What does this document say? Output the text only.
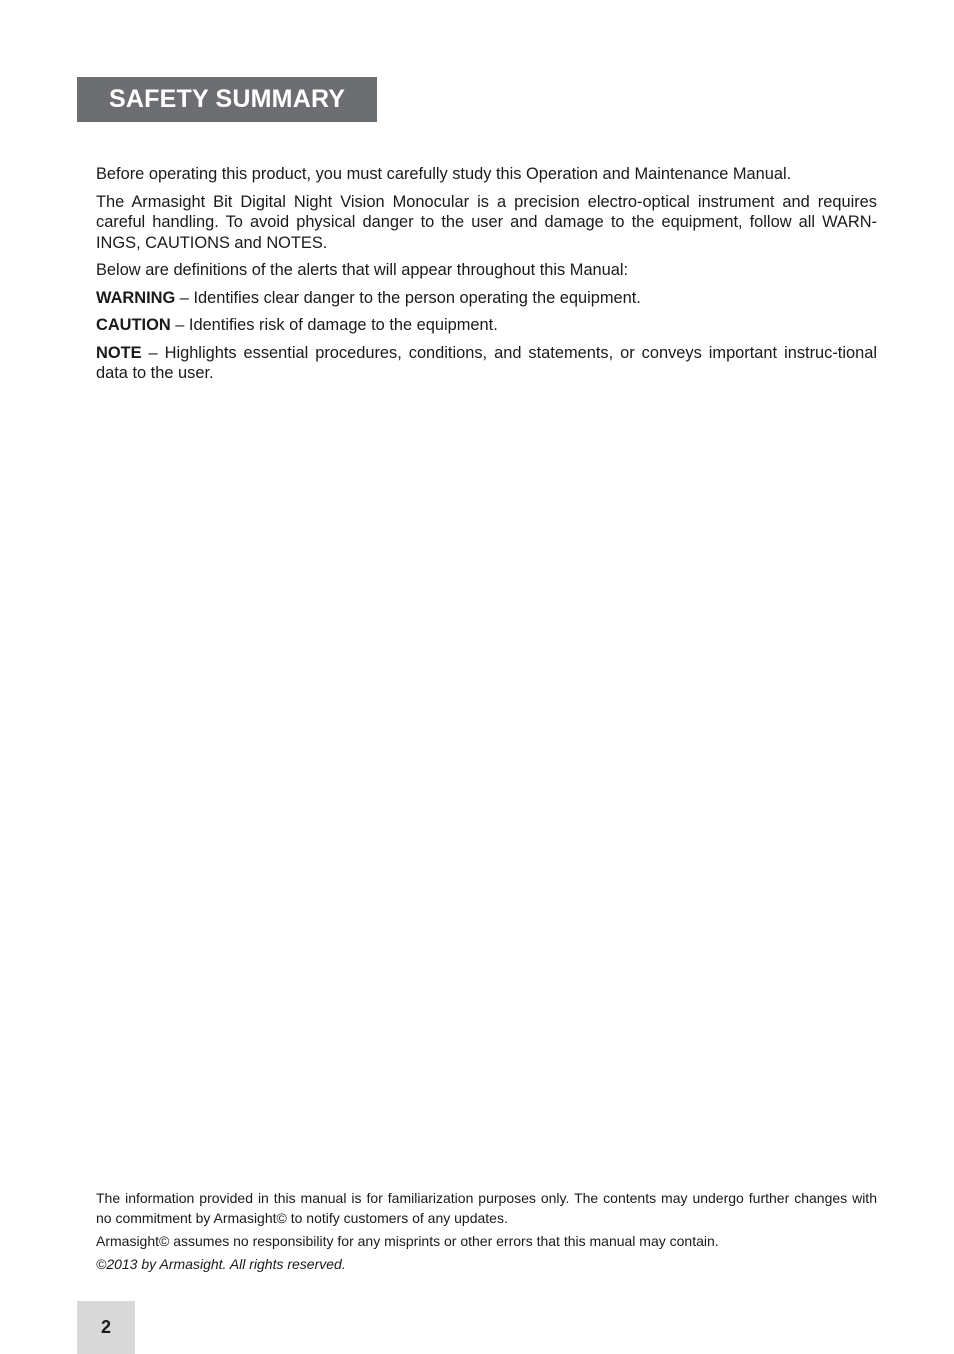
SAFETY SUMMARY

Before operating this product, you must carefully study this Operation and Maintenance Manual.

The Armasight Bit Digital Night Vision Monocular is a precision electro-optical instrument and requires careful handling. To avoid physical danger to the user and damage to the equipment, follow all WARN-INGS, CAUTIONS and NOTES.

Below are definitions of the alerts that will appear throughout this Manual:

WARNING – Identifies clear danger to the person operating the equipment.

CAUTION – Identifies risk of damage to the equipment.

NOTE – Highlights essential procedures, conditions, and statements, or conveys important instruc-tional data to the user.

The information provided in this manual is for familiarization purposes only. The contents may undergo further changes with no commitment by Armasight© to notify customers of any updates.

Armasight© assumes no responsibility for any misprints or other errors that this manual may contain.

©2013 by Armasight. All rights reserved.

2
